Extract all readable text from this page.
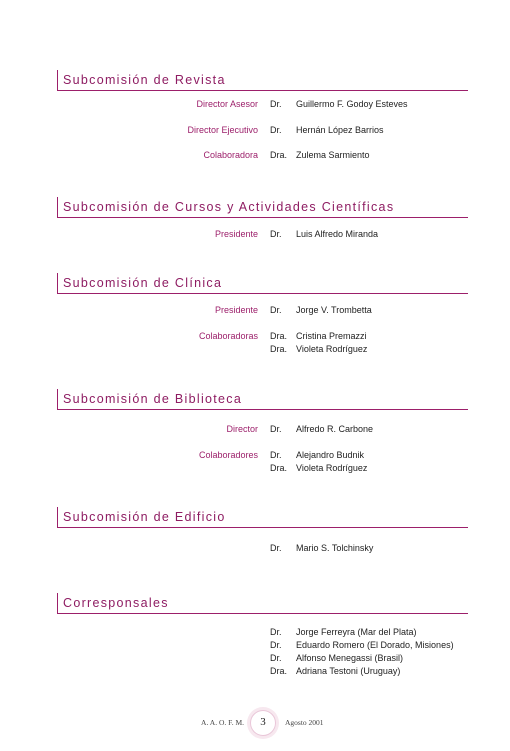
Subcomisión de Revista
Director Asesor Dr. Guillermo F. Godoy Esteves
Director Ejecutivo Dr. Hernán López Barrios
Colaboradora Dra. Zulema Sarmiento
Subcomisión de Cursos y Actividades Científicas
Presidente Dr. Luis Alfredo Miranda
Subcomisión de Clínica
Presidente Dr. Jorge V. Trombetta
Colaboradoras Dra. Cristina Premazzi
Dra. Violeta Rodríguez
Subcomisión de Biblioteca
Director Dr. Alfredo R. Carbone
Colaboradores Dr. Alejandro Budnik
Dra. Violeta Rodríguez
Subcomisión de Edificio
Dr. Mario S. Tolchinsky
Corresponsales
Dr. Jorge Ferreyra (Mar del Plata)
Dr. Eduardo Romero (El Dorado, Misiones)
Dr. Alfonso Menegassi (Brasil)
Dra. Adriana Testoni (Uruguay)
A. A. O. F. M.	3	Agosto 2001
